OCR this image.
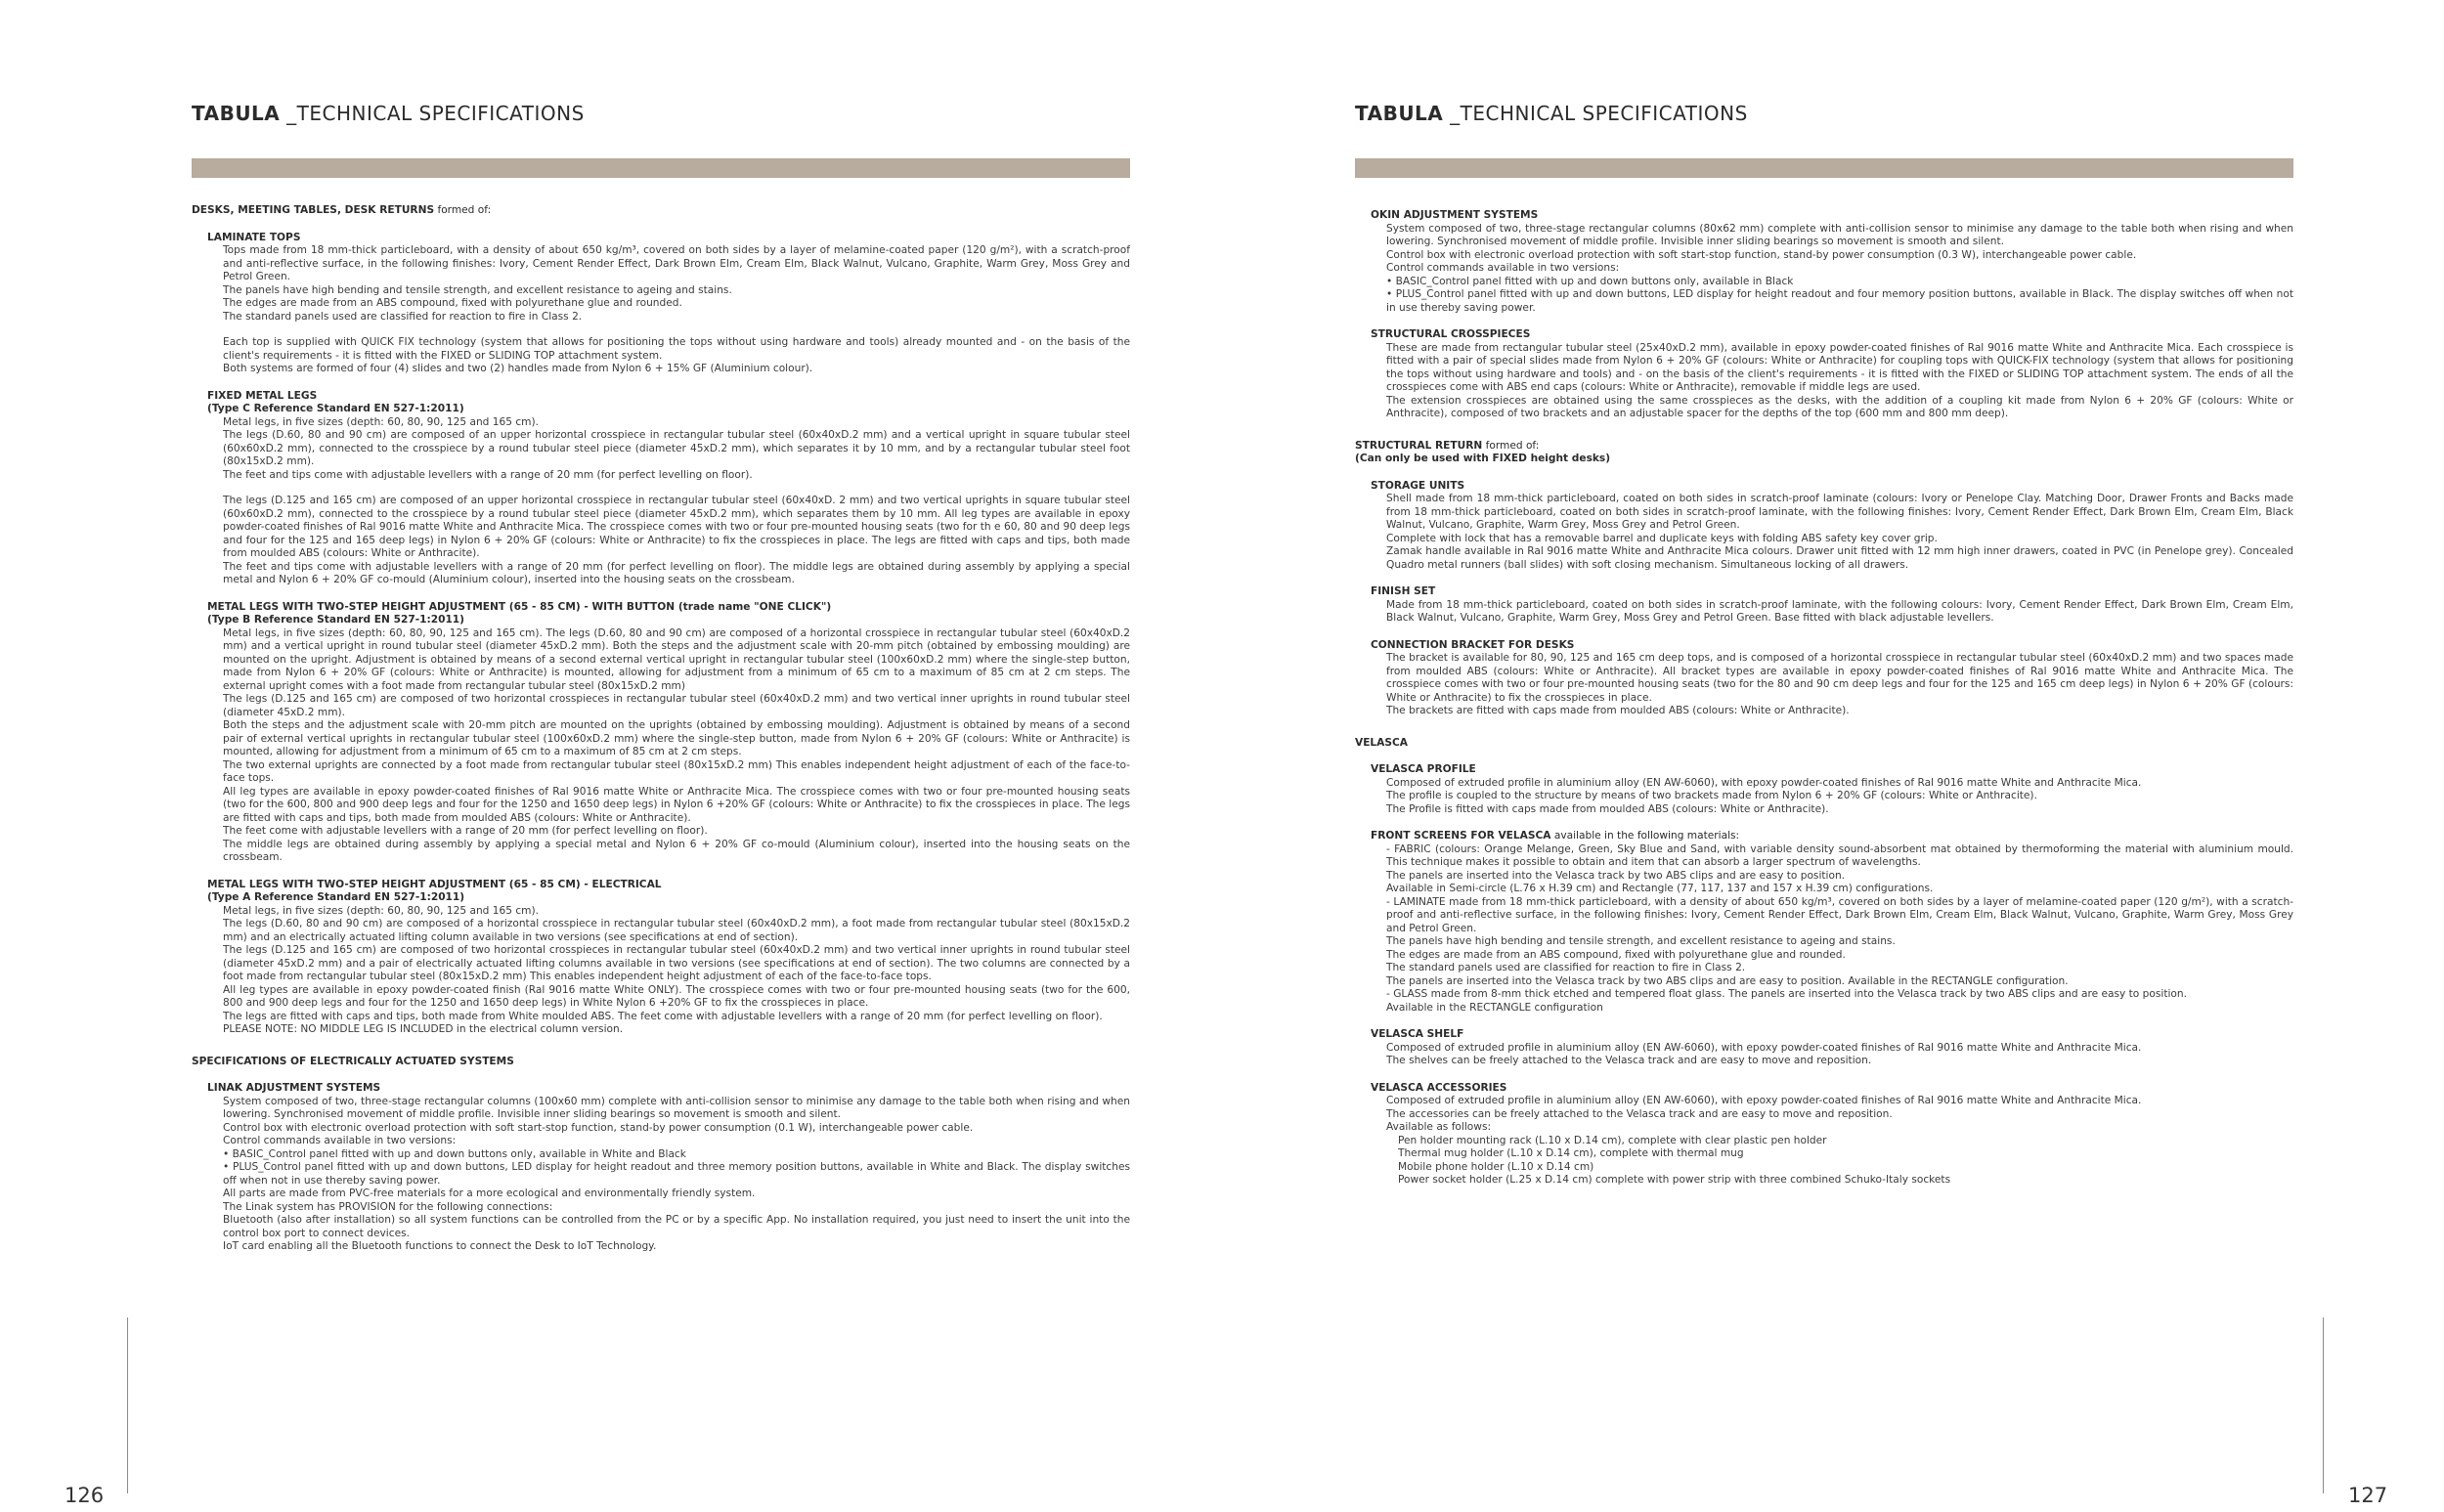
TABULA _TECHNICAL SPECIFICATIONS
DESKS, MEETING TABLES, DESK RETURNS formed of:
LAMINATE TOPS

Tops made from 18 mm-thick particleboard, with a density of about 650 kg/m³, covered on both sides by a layer of melamine-coated paper (120 g/m²), with a scratch-proof and anti-reflective surface, in the following finishes: Ivory, Cement Render Effect, Dark Brown Elm, Cream Elm, Black Walnut, Vulcano, Graphite, Warm Grey, Moss Grey and Petrol Green.

The panels have high bending and tensile strength, and excellent resistance to ageing and stains.

The edges are made from an ABS compound, fixed with polyurethane glue and rounded.

The standard panels used are classified for reaction to fire in Class 2.

Each top is supplied with QUICK FIX technology (system that allows for positioning the tops without using hardware and tools) already mounted and - on the basis of the client's requirements - it is fitted with the FIXED or SLIDING TOP attachment system.

Both systems are formed of four (4) slides and two (2) handles made from Nylon 6 + 15% GF (Aluminium colour).

FIXED METAL LEGS
(Type C Reference Standard EN 527-1:2011)

Metal legs, in five sizes (depth: 60, 80, 90, 125 and 165 cm).

The legs (D.60, 80 and 90 cm) are composed of an upper horizontal crosspiece in rectangular tubular steel (60x40xD.2 mm) and a vertical upright in square tubular steel (60x60xD.2 mm), connected to the crosspiece by a round tubular steel piece (diameter 45xD.2 mm), which separates it by 10 mm, and by a rectangular tubular steel foot (80x15xD.2 mm).

The feet and tips come with adjustable levellers with a range of 20 mm (for perfect levelling on floor).

The legs (D.125 and 165 cm) are composed of an upper horizontal crosspiece in rectangular tubular steel (60x40xD. 2 mm) and two vertical uprights in square tubular steel (60x60xD.2 mm), connected to the crosspiece by a round tubular steel piece (diameter 45xD.2 mm), which separates them by 10 mm. All leg types are available in epoxy powder-coated finishes of Ral 9016 matte White and Anthracite Mica. The crosspiece comes with two or four pre-mounted housing seats (two for th e 60, 80 and 90 deep legs and four for the 125 and 165 deep legs) in Nylon 6 + 20% GF (colours: White or Anthracite) to fix the crosspieces in place. The legs are fitted with caps and tips, both made from moulded ABS (colours: White or Anthracite).

The feet and tips come with adjustable levellers with a range of 20 mm (for perfect levelling on floor). The middle legs are obtained during assembly by applying a special metal and Nylon 6 + 20% GF co-mould (Aluminium colour), inserted into the housing seats on the crossbeam.

METAL LEGS WITH TWO-STEP HEIGHT ADJUSTMENT (65 - 85 CM) - WITH BUTTON (trade name "ONE CLICK")
(Type B Reference Standard EN 527-1:2011)

Metal legs, in five sizes (depth: 60, 80, 90, 125 and 165 cm). The legs (D.60, 80 and 90 cm) are composed of a horizontal crosspiece in rectangular tubular steel (60x40xD.2 mm) and a vertical upright in round tubular steel (diameter 45xD.2 mm). Both the steps and the adjustment scale with 20-mm pitch (obtained by embossing moulding) are mounted on the upright. Adjustment is obtained by means of a second external vertical upright in rectangular tubular steel (100x60xD.2 mm) where the single-step button, made from Nylon 6 + 20% GF (colours: White or Anthracite) is mounted, allowing for adjustment from a minimum of 65 cm to a maximum of 85 cm at 2 cm steps. The external upright comes with a foot made from rectangular tubular steel (80x15xD.2 mm)

The legs (D.125 and 165 cm) are composed of two horizontal crosspieces in rectangular tubular steel (60x40xD.2 mm) and two vertical inner uprights in round tubular steel (diameter 45xD.2 mm).

Both the steps and the adjustment scale with 20-mm pitch are mounted on the uprights (obtained by embossing moulding). Adjustment is obtained by means of a second pair of external vertical uprights in rectangular tubular steel (100x60xD.2 mm) where the single-step button, made from Nylon 6 + 20% GF (colours: White or Anthracite) is mounted, allowing for adjustment from a minimum of 65 cm to a maximum of 85 cm at 2 cm steps.

The two external uprights are connected by a foot made from rectangular tubular steel (80x15xD.2 mm) This enables independent height adjustment of each of the face-to-face tops.

All leg types are available in epoxy powder-coated finishes of Ral 9016 matte White or Anthracite Mica. The crosspiece comes with two or four pre-mounted housing seats (two for the 600, 800 and 900 deep legs and four for the 1250 and 1650 deep legs) in Nylon 6 +20% GF (colours: White or Anthracite) to fix the crosspieces in place. The legs are fitted with caps and tips, both made from moulded ABS (colours: White or Anthracite).

The feet come with adjustable levellers with a range of 20 mm (for perfect levelling on floor).

The middle legs are obtained during assembly by applying a special metal and Nylon 6 + 20% GF co-mould (Aluminium colour), inserted into the housing seats on the crossbeam.

METAL LEGS WITH TWO-STEP HEIGHT ADJUSTMENT (65 - 85 CM) - ELECTRICAL
(Type A Reference Standard EN 527-1:2011)

Metal legs, in five sizes (depth: 60, 80, 90, 125 and 165 cm).

The legs (D.60, 80 and 90 cm) are composed of a horizontal crosspiece in rectangular tubular steel (60x40xD.2 mm), a foot made from rectangular tubular steel (80x15xD.2 mm) and an electrically actuated lifting column available in two versions (see specifications at end of section).

The legs (D.125 and 165 cm) are composed of two horizontal crosspieces in rectangular tubular steel (60x40xD.2 mm) and two vertical inner uprights in round tubular steel (diameter 45xD.2 mm) and a pair of electrically actuated lifting columns available in two versions (see specifications at end of section). The two columns are connected by a foot made from rectangular tubular steel (80x15xD.2 mm) This enables independent height adjustment of each of the face-to-face tops.

All leg types are available in epoxy powder-coated finish (Ral 9016 matte White ONLY). The crosspiece comes with two or four pre-mounted housing seats (two for the 600, 800 and 900 deep legs and four for the 1250 and 1650 deep legs) in White Nylon 6 +20% GF to fix the crosspieces in place.

The legs are fitted with caps and tips, both made from White moulded ABS. The feet come with adjustable levellers with a range of 20 mm (for perfect levelling on floor).

PLEASE NOTE: NO MIDDLE LEG IS INCLUDED in the electrical column version.

SPECIFICATIONS OF ELECTRICALLY ACTUATED SYSTEMS
LINAK ADJUSTMENT SYSTEMS

System composed of two, three-stage rectangular columns (100x60 mm) complete with anti-collision sensor to minimise any damage to the table both when rising and when lowering. Synchronised movement of middle profile. Invisible inner sliding bearings so movement is smooth and silent.

Control box with electronic overload protection with soft start-stop function, stand-by power consumption (0.1 W), interchangeable power cable.

Control commands available in two versions:

• BASIC_Control panel fitted with up and down buttons only, available in White and Black

• PLUS_Control panel fitted with up and down buttons, LED display for height readout and three memory position buttons, available in White and Black. The display switches off when not in use thereby saving power.

All parts are made from PVC-free materials for a more ecological and environmentally friendly system.

The Linak system has PROVISION for the following connections:

Bluetooth (also after installation) so all system functions can be controlled from the PC or by a specific App. No installation required, you just need to insert the unit into the control box port to connect devices.

IoT card enabling all the Bluetooth functions to connect the Desk to IoT Technology.

126
TABULA _TECHNICAL SPECIFICATIONS
OKIN ADJUSTMENT SYSTEMS

System composed of two, three-stage rectangular columns (80x62 mm) complete with anti-collision sensor to minimise any damage to the table both when rising and when lowering. Synchronised movement of middle profile. Invisible inner sliding bearings so movement is smooth and silent.

Control box with electronic overload protection with soft start-stop function, stand-by power consumption (0.3 W), interchangeable power cable.

Control commands available in two versions:

• BASIC_Control panel fitted with up and down buttons only, available in Black

• PLUS_Control panel fitted with up and down buttons, LED display for height readout and four memory position buttons, available in Black. The display switches off when not in use thereby saving power.

STRUCTURAL CROSSPIECES

These are made from rectangular tubular steel (25x40xD.2 mm), available in epoxy powder-coated finishes of Ral 9016 matte White and Anthracite Mica. Each crosspiece is fitted with a pair of special slides made from Nylon 6 + 20% GF (colours: White or Anthracite) for coupling tops with QUICK-FIX technology (system that allows for positioning the tops without using hardware and tools) and - on the basis of the client's requirements - it is fitted with the FIXED or SLIDING TOP attachment system. The ends of all the crosspieces come with ABS end caps (colours: White or Anthracite), removable if middle legs are used.

The extension crosspieces are obtained using the same crosspieces as the desks, with the addition of a coupling kit made from Nylon 6 + 20% GF (colours: White or Anthracite), composed of two brackets and an adjustable spacer for the depths of the top (600 mm and 800 mm deep).

STRUCTURAL RETURN formed of:
(Can only be used with FIXED height desks)
STORAGE UNITS

Shell made from 18 mm-thick particleboard, coated on both sides in scratch-proof laminate (colours: Ivory or Penelope Clay. Matching Door, Drawer Fronts and Backs made from 18 mm-thick particleboard, coated on both sides in scratch-proof laminate, with the following finishes: Ivory, Cement Render Effect, Dark Brown Elm, Cream Elm, Black Walnut, Vulcano, Graphite, Warm Grey, Moss Grey and Petrol Green.

Complete with lock that has a removable barrel and duplicate keys with folding ABS safety key cover grip.

Zamak handle available in Ral 9016 matte White and Anthracite Mica colours. Drawer unit fitted with 12 mm high inner drawers, coated in PVC (in Penelope grey). Concealed Quadro metal runners (ball slides) with soft closing mechanism. Simultaneous locking of all drawers.

FINISH SET

Made from 18 mm-thick particleboard, coated on both sides in scratch-proof laminate, with the following colours: Ivory, Cement Render Effect, Dark Brown Elm, Cream Elm, Black Walnut, Vulcano, Graphite, Warm Grey, Moss Grey and Petrol Green. Base fitted with black adjustable levellers.

CONNECTION BRACKET FOR DESKS

The bracket is available for 80, 90, 125 and 165 cm deep tops, and is composed of a horizontal crosspiece in rectangular tubular steel (60x40xD.2 mm) and two spaces made from moulded ABS (colours: White or Anthracite). All bracket types are available in epoxy powder-coated finishes of Ral 9016 matte White and Anthracite Mica. The crosspiece comes with two or four pre-mounted housing seats (two for the 80 and 90 cm deep legs and four for the 125 and 165 cm deep legs) in Nylon 6 + 20% GF (colours: White or Anthracite) to fix the crosspieces in place.

The brackets are fitted with caps made from moulded ABS (colours: White or Anthracite).

VELASCA
VELASCA PROFILE

Composed of extruded profile in aluminium alloy (EN AW-6060), with epoxy powder-coated finishes of Ral 9016 matte White and Anthracite Mica.

The profile is coupled to the structure by means of two brackets made from Nylon 6 + 20% GF (colours: White or Anthracite).

The Profile is fitted with caps made from moulded ABS (colours: White or Anthracite).

FRONT SCREENS FOR VELASCA available in the following materials:

- FABRIC (colours: Orange Melange, Green, Sky Blue and Sand, with variable density sound-absorbent mat obtained by thermoforming the material with aluminium mould. This technique makes it possible to obtain and item that can absorb a larger spectrum of wavelengths.

The panels are inserted into the Velasca track by two ABS clips and are easy to position.

Available in Semi-circle (L.76 x H.39 cm) and Rectangle (77, 117, 137 and 157 x H.39 cm) configurations.

- LAMINATE made from 18 mm-thick particleboard, with a density of about 650 kg/m³, covered on both sides by a layer of melamine-coated paper (120 g/m²), with a scratch-proof and anti-reflective surface, in the following finishes: Ivory, Cement Render Effect, Dark Brown Elm, Cream Elm, Black Walnut, Vulcano, Graphite, Warm Grey, Moss Grey and Petrol Green.

The panels have high bending and tensile strength, and excellent resistance to ageing and stains.

The edges are made from an ABS compound, fixed with polyurethane glue and rounded.

The standard panels used are classified for reaction to fire in Class 2.

The panels are inserted into the Velasca track by two ABS clips and are easy to position. Available in the RECTANGLE configuration.

- GLASS made from 8-mm thick etched and tempered float glass. The panels are inserted into the Velasca track by two ABS clips and are easy to position.

Available in the RECTANGLE configuration

VELASCA SHELF

Composed of extruded profile in aluminium alloy (EN AW-6060), with epoxy powder-coated finishes of Ral 9016 matte White and Anthracite Mica.

The shelves can be freely attached to the Velasca track and are easy to move and reposition.

VELASCA ACCESSORIES

Composed of extruded profile in aluminium alloy (EN AW-6060), with epoxy powder-coated finishes of Ral 9016 matte White and Anthracite Mica.

The accessories can be freely attached to the Velasca track and are easy to move and reposition.

Available as follows:

Pen holder mounting rack (L.10 x D.14 cm), complete with clear plastic pen holder

Thermal mug holder (L.10 x D.14 cm), complete with thermal mug

Mobile phone holder (L.10 x D.14 cm)

Power socket holder (L.25 x D.14 cm) complete with power strip with three combined Schuko-Italy sockets

127
